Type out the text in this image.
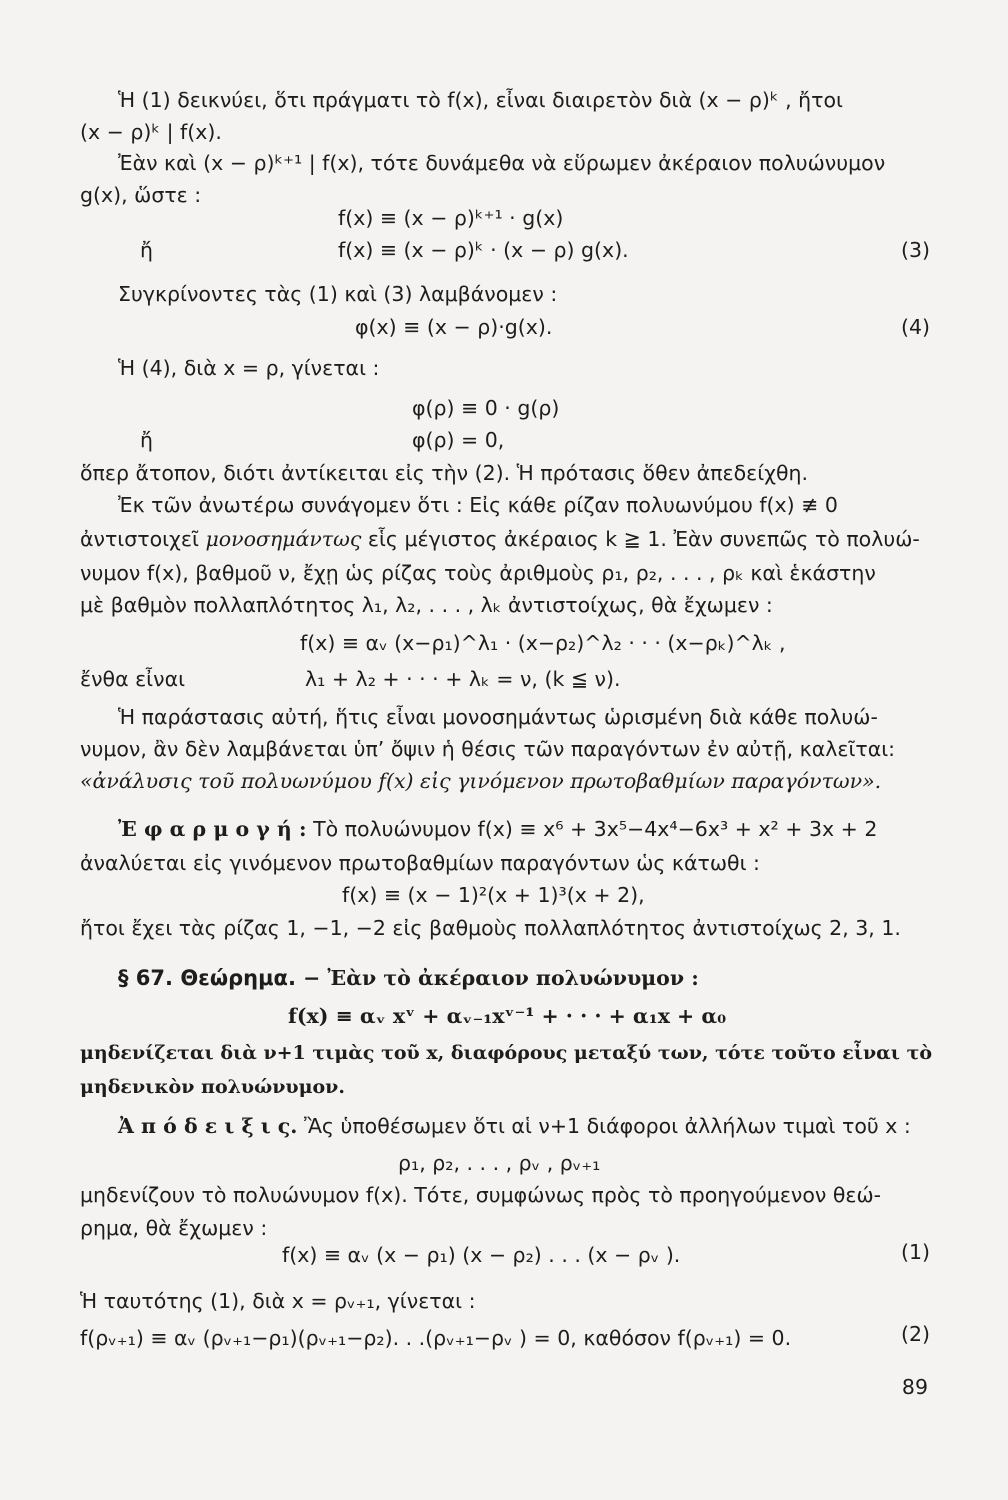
Ἡ (1) δεικνύει, ὅτι πράγματι τὸ f(x), εἶναι διαιρετὸν διὰ (x − ρ)ᵏ , ἤτοι
(x − ρ)ᵏ | f(x).
Ἐὰν καὶ (x − ρ)ᵏ⁺¹ | f(x), τότε δυνάμεθα νὰ εὕρωμεν ἀκέραιον πολυώνυμον
g(x), ὥστε :
f(x) ≡ (x − ρ)ᵏ⁺¹ · g(x)
ἤ	f(x) ≡ (x − ρ)ᵏ · (x − ρ) g(x).	(3)
Συγκρίνοντες τὰς (1) καὶ (3) λαμβάνομεν :
φ(x) ≡ (x − ρ)·g(x).	(4)
Ἡ (4), διὰ x = ρ, γίνεται :
φ(ρ) ≡ 0 · g(ρ)
ἤ	φ(ρ) = 0,
ὅπερ ἄτοπον, διότι ἀντίκειται εἰς τὴν (2). Ἡ πρότασις ὅθεν ἀπεδείχθη.
Ἐκ τῶν ἀνωτέρω συνάγομεν ὅτι : Εἰς κάθε ρίζαν πολυωνύμου f(x) ≢ 0
ἀντιστοιχεῖ μονοσημάντως εἷς μέγιστος ἀκέραιος k ≧ 1. Ἐὰν συνεπῶς τὸ πολυώ-
νυμον f(x), βαθμοῦ ν, ἔχῃ ὡς ρίζας τοὺς ἀριθμοὺς ρ₁, ρ₂, . . . , ρₖ καὶ ἑκάστην
μὲ βαθμὸν πολλαπλότητος λ₁, λ₂, . . . , λₖ ἀντιστοίχως, θὰ ἔχωμεν :
f(x) ≡ αᵥ (x−ρ₁)^λ₁ · (x−ρ₂)^λ₂ · · · (x−ρₖ)^λₖ ,
ἔνθα εἶναι	λ₁ + λ₂ + · · · + λₖ = ν, (k ≦ ν).
Ἡ παράστασις αὐτή, ἥτις εἶναι μονοσημάντως ὡρισμένη διὰ κάθε πολυώ-
νυμον, ἂν δὲν λαμβάνεται ὑπ’ ὄψιν ἡ θέσις τῶν παραγόντων ἐν αὐτῇ, καλεῖται:
«ἀνάλυσις τοῦ πολυωνύμου f(x) εἰς γινόμενον πρωτοβαθμίων παραγόντων».
Ἐ φ α ρ μ ο γ ή : Τὸ πολυώνυμον f(x) ≡ x⁶ + 3x⁵−4x⁴−6x³ + x² + 3x + 2
ἀναλύεται εἰς γινόμενον πρωτοβαθμίων παραγόντων ὡς κάτωθι :
f(x) ≡ (x − 1)²(x + 1)³(x + 2),
ἤτοι ἔχει τὰς ρίζας 1, −1, −2 εἰς βαθμοὺς πολλαπλότητος ἀντιστοίχως 2, 3, 1.
§ 67. Θεώρημα. − Ἐὰν τὸ ἀκέραιον πολυώνυμον :
f(x) ≡ αᵥ xᵛ + αᵥ₋₁xᵛ⁻¹ + · · · + α₁x + α₀
μηδενίζεται διὰ ν+1 τιμὰς τοῦ x, διαφόρους μεταξύ των, τότε τοῦτο εἶναι τὸ
μηδενικὸν πολυώνυμον.
Ἀ π ό δ ε ι ξ ι ς. Ἂς ὑποθέσωμεν ὅτι αἱ ν+1 διάφοροι ἀλλήλων τιμαὶ τοῦ x :
ρ₁, ρ₂, . . . , ρᵥ , ρᵥ₊₁
μηδενίζουν τὸ πολυώνυμον f(x). Τότε, συμφώνως πρὸς τὸ προηγούμενον θεώ-
ρημα, θὰ ἔχωμεν :
f(x) ≡ αᵥ (x − ρ₁) (x − ρ₂) . . . (x − ρᵥ ).	(1)
Ἡ ταυτότης (1), διὰ x = ρᵥ₊₁, γίνεται :
f(ρᵥ₊₁) ≡ αᵥ (ρᵥ₊₁−ρ₁)(ρᵥ₊₁−ρ₂). . .(ρᵥ₊₁−ρᵥ ) = 0, καθόσον f(ρᵥ₊₁) = 0.	(2)
89
